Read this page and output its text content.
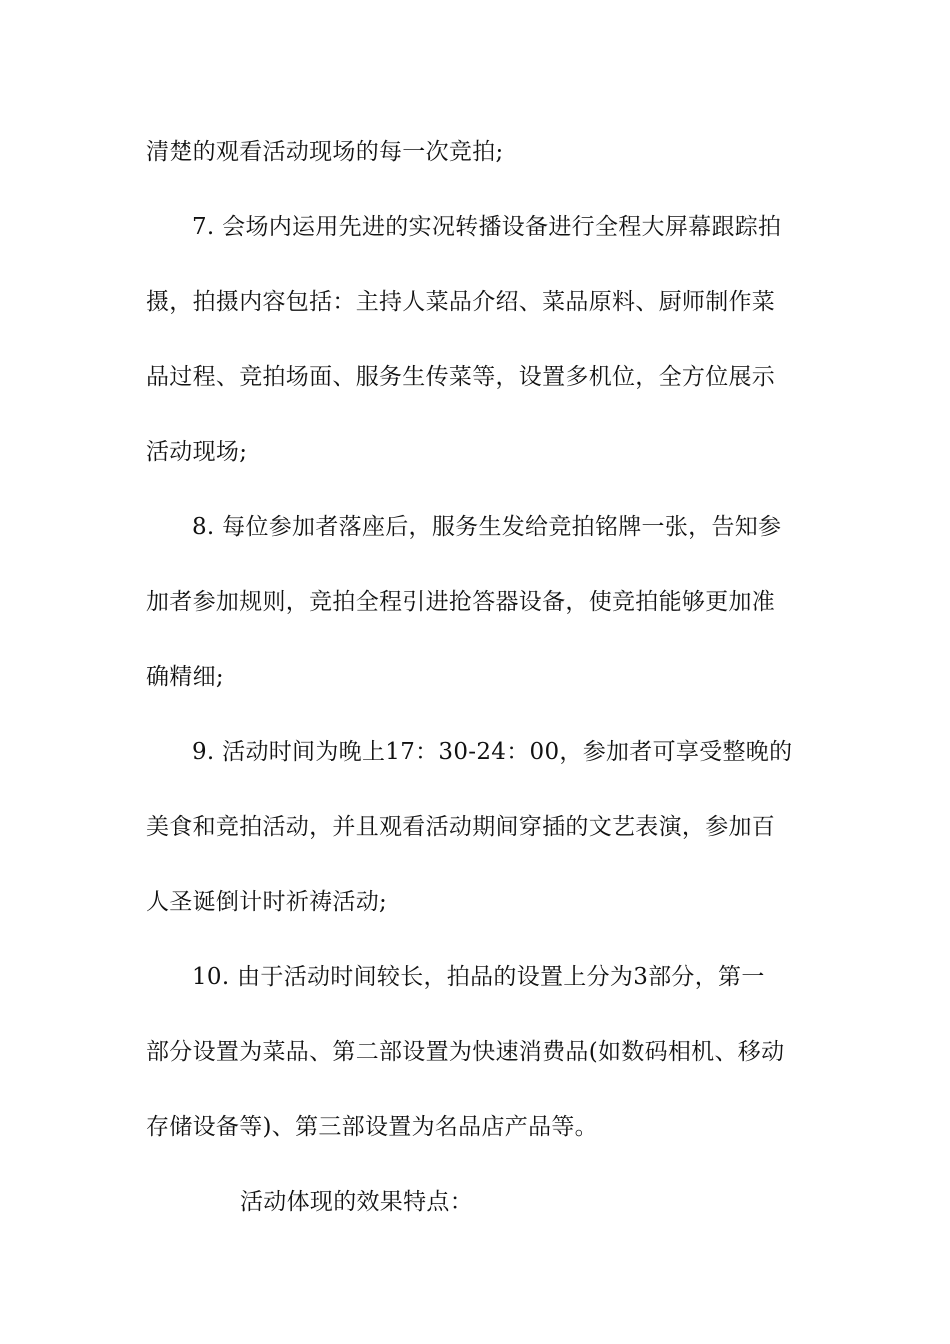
清楚的观看活动现场的每一次竞拍;
7. 会场内运用先进的实况转播设备进行全程大屏幕跟踪拍
摄，拍摄内容包括：主持人菜品介绍、菜品原料、厨师制作菜
品过程、竞拍场面、服务生传菜等，设置多机位，全方位展示
活动现场;
8. 每位参加者落座后，服务生发给竞拍铭牌一张，告知参
加者参加规则，竞拍全程引进抢答器设备，使竞拍能够更加准
确精细;
9. 活动时间为晚上17：30-24：00，参加者可享受整晚的
美食和竞拍活动，并且观看活动期间穿插的文艺表演，参加百
人圣诞倒计时祈祷活动;
10. 由于活动时间较长，拍品的设置上分为3部分，第一
部分设置为菜品、第二部设置为快速消费品(如数码相机、移动
存储设备等)、第三部设置为名品店产品等。
活动体现的效果特点：
